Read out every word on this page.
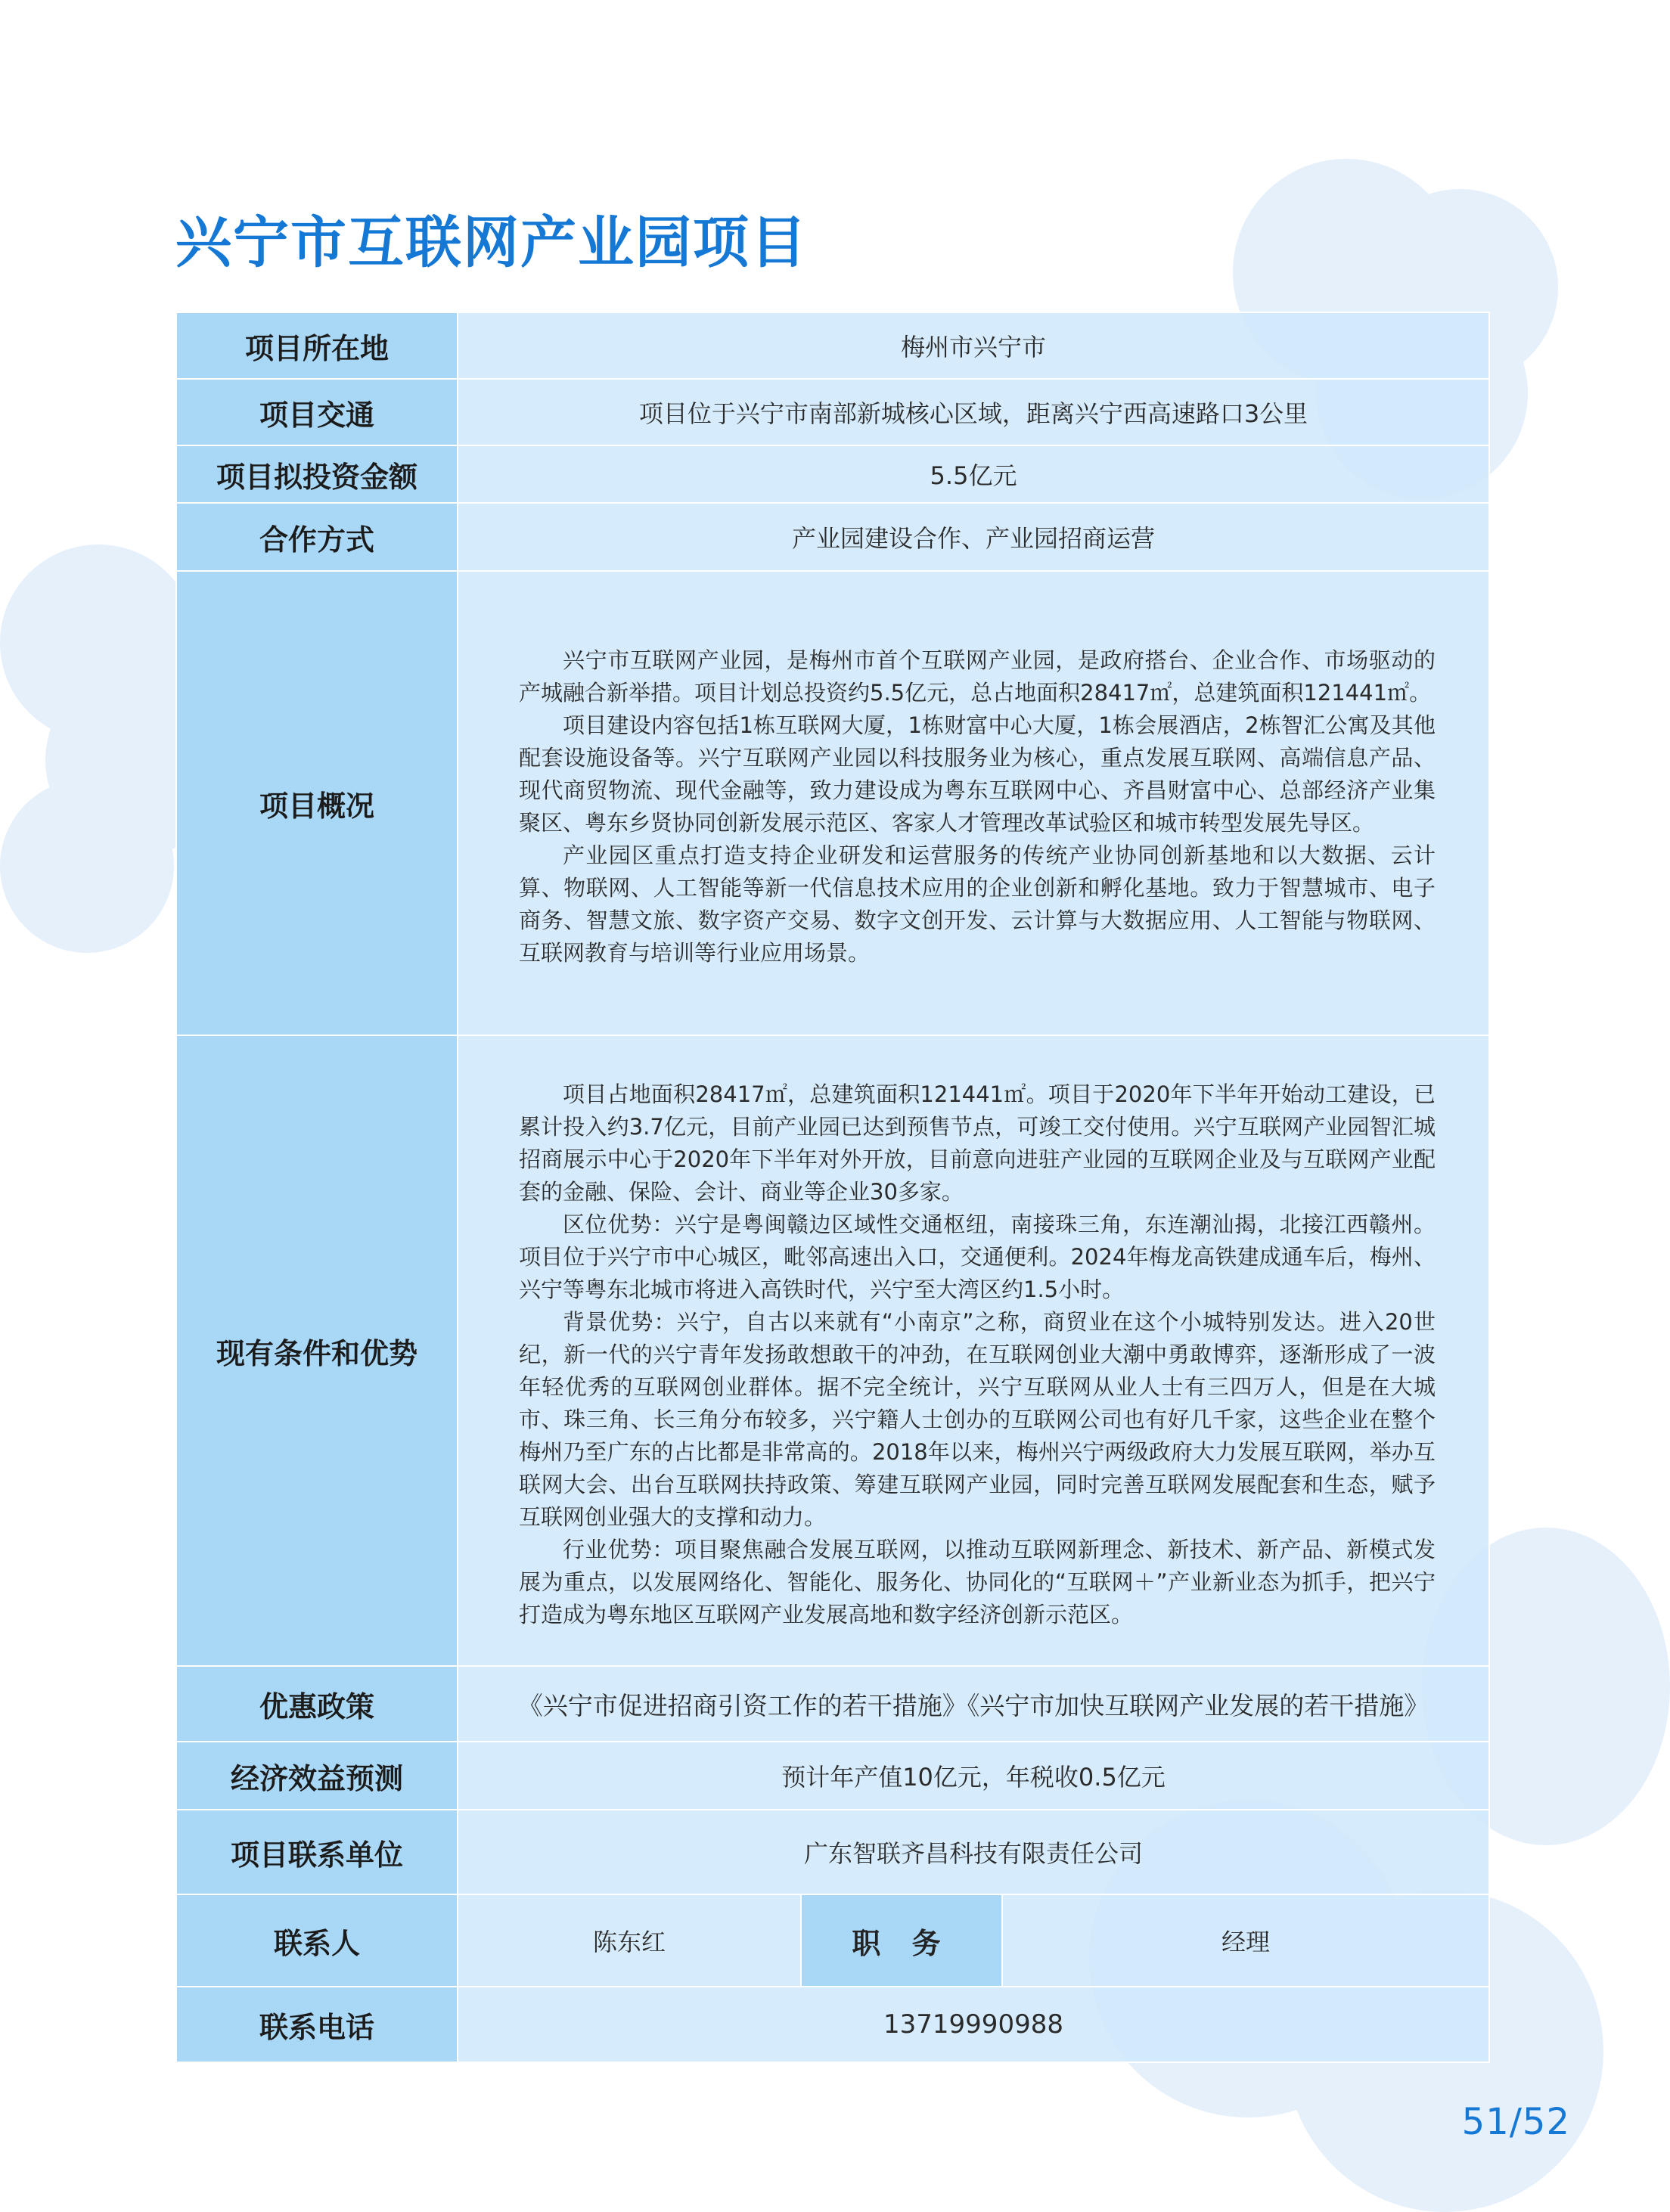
兴宁市互联网产业园项目
项目所在地	梅州市兴宁市		
项目交通	项目位于兴宁市南部新城核心区域，距离兴宁西高速路口3公里		
项目拟投资金额	5.5亿元		
合作方式	产业园建设合作、产业园招商运营		
项目概况	兴宁市互联网产业园，是梅州市首个互联网产业园，是政府搭台、企业合作、市场驱动的产城融合新举措。项目计划总投资约5.5亿元，总占地面积28417㎡，总建筑面积121441㎡。

项目建设内容包括1栋互联网大厦，1栋财富中心大厦，1栋会展酒店，2栋智汇公寓及其他配套设施设备等。兴宁互联网产业园以科技服务业为核心，重点发展互联网、高端信息产品、现代商贸物流、现代金融等，致力建设成为粤东互联网中心、齐昌财富中心、总部经济产业集聚区、粤东乡贤协同创新发展示范区、客家人才管理改革试验区和城市转型发展先导区。

产业园区重点打造支持企业研发和运营服务的传统产业协同创新基地和以大数据、云计算、物联网、人工智能等新一代信息技术应用的企业创新和孵化基地。致力于智慧城市、电子商务、智慧文旅、数字资产交易、数字文创开发、云计算与大数据应用、人工智能与物联网、互联网教育与培训等行业应用场景。		

现有条件和优势	项目占地面积28417㎡，总建筑面积121441㎡。项目于2020年下半年开始动工建设，已累计投入约3.7亿元，目前产业园已达到预售节点，可竣工交付使用。兴宁互联网产业园智汇城招商展示中心于2020年下半年对外开放，目前意向进驻产业园的互联网企业及与互联网产业配套的金融、保险、会计、商业等企业30多家。

区位优势：兴宁是粤闽赣边区域性交通枢纽，南接珠三角，东连潮汕揭，北接江西赣州。项目位于兴宁市中心城区，毗邻高速出入口，交通便利。2024年梅龙高铁建成通车后，梅州、兴宁等粤东北城市将进入高铁时代，兴宁至大湾区约1.5小时。

背景优势：兴宁，自古以来就有“小南京”之称，商贸业在这个小城特别发达。进入20世纪，新一代的兴宁青年发扬敢想敢干的冲劲，在互联网创业大潮中勇敢博弈，逐渐形成了一波年轻优秀的互联网创业群体。据不完全统计，兴宁互联网从业人士有三四万人，但是在大城市、珠三角、长三角分布较多，兴宁籍人士创办的互联网公司也有好几千家，这些企业在整个梅州乃至广东的占比都是非常高的。2018年以来，梅州兴宁两级政府大力发展互联网，举办互联网大会、出台互联网扶持政策、筹建互联网产业园，同时完善互联网发展配套和生态，赋予互联网创业强大的支撑和动力。

行业优势：项目聚焦融合发展互联网，以推动互联网新理念、新技术、新产品、新模式发展为重点，以发展网络化、智能化、服务化、协同化的“互联网＋”产业新业态为抓手，把兴宁打造成为粤东地区互联网产业发展高地和数字经济创新示范区。		

优惠政策	《兴宁市促进招商引资工作的若干措施》《兴宁市加快互联网产业发展的若干措施》		
经济效益预测	预计年产值10亿元，年税收0.5亿元		
项目联系单位	广东智联齐昌科技有限责任公司		
联系人	陈东红	职 务	经理
联系电话	13719990988		
51/52
